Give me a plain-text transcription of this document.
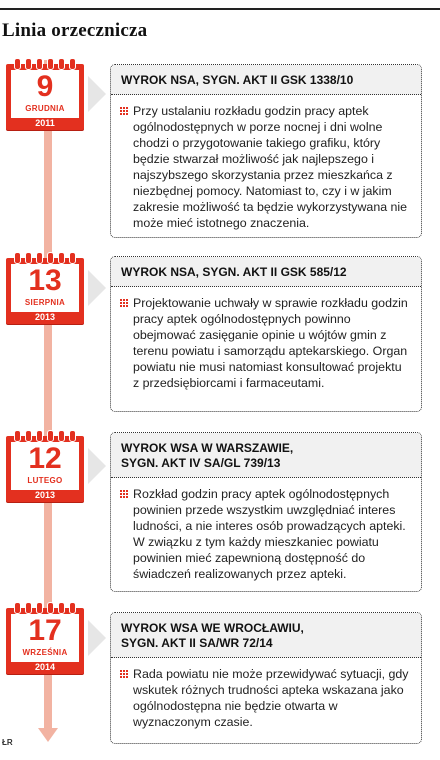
Linia orzecznicza
ŁR
9
GRUDNIA
2011
WYROK NSA, SYGN. AKT II GSK 1338/10

Przy ustalaniu rozkładu godzin pracy aptek ogólnodostępnych w porze nocnej i dni wolne chodzi o przygotowanie takiego grafiku, który będzie stwarzał możliwość jak najlepszego i najszybszego skorzystania przez mieszkańca z niezbędnej pomocy. Natomiast to, czy i w jakim zakresie możliwość ta będzie wykorzystywana nie może mieć istotnego znaczenia.

13
SIERPNIA
2013
WYROK NSA, SYGN. AKT II GSK 585/12

Projektowanie uchwały w sprawie rozkładu godzin pracy aptek ogólnodostępnych powinno obejmować zasięganie opinie u wójtów gmin z terenu powiatu i samorządu aptekarskiego. Organ powiatu nie musi natomiast konsultować projektu z przedsiębiorcami i farmaceutami.

12
LUTEGO
2013
WYROK WSA W WARSZAWIE,
SYGN. AKT IV SA/GL 739/13

Rozkład godzin pracy aptek ogólnodostępnych powinien przede wszystkim uwzględniać interes ludności, a nie interes osób prowadzących apteki. W związku z tym każdy mieszkaniec powiatu powinien mieć zapewnioną dostępność do świadczeń realizowanych przez apteki.

17
WRZEŚNIA
2014
WYROK WSA WE WROCŁAWIU,
SYGN. AKT II SA/WR 72/14

Rada powiatu nie może przewidywać sytuacji, gdy wskutek różnych trudności apteka wskazana jako ogólnodostępna nie będzie otwarta w wyznaczonym czasie.
